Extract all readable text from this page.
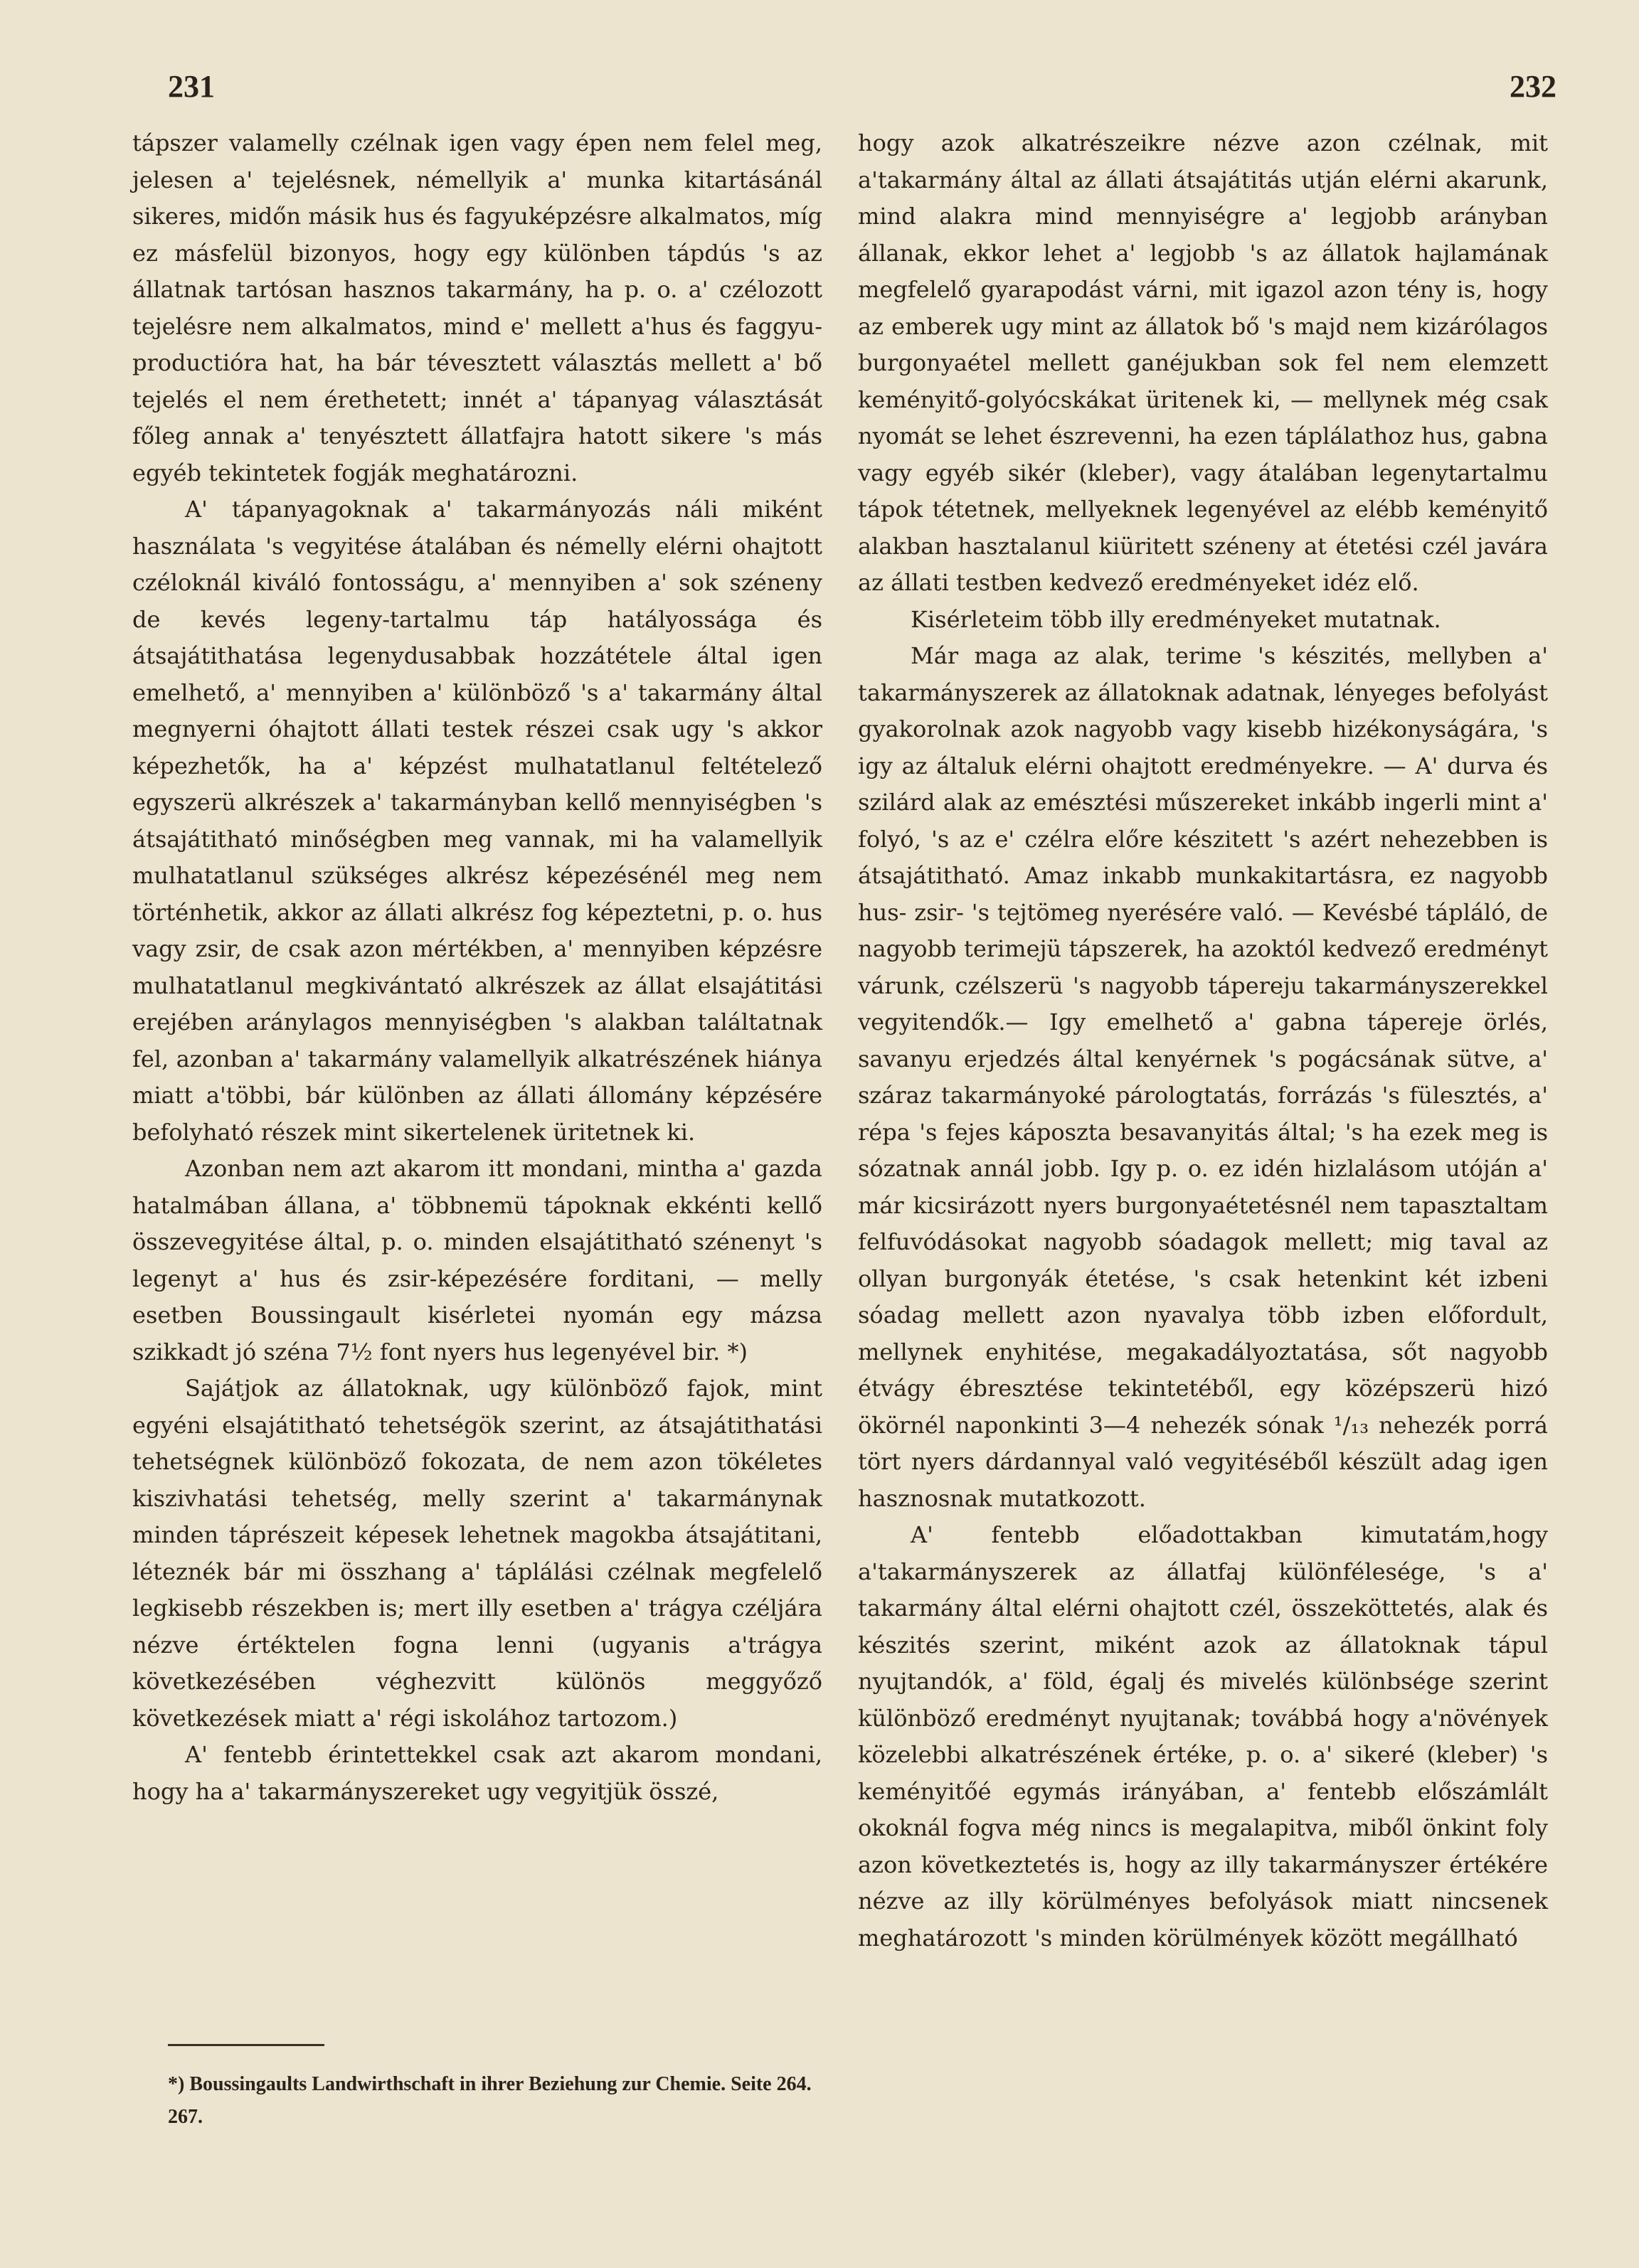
231	232

tápszer valamelly czélnak igen vagy épen nem felel meg, jelesen a' tejelésnek, némellyik a' munka kitartásánál sikeres, midőn másik hus és fagyuképzésre alkalmatos, míg ez másfelül bizonyos, hogy egy különben tápdús 's az állatnak tartósan hasznos takarmány, ha p. o. a' czélozott tejelésre nem alkalmatos, mind e' mellett a'hus és faggyu-productióra hat, ha bár tévesztett választás mellett a' bő tejelés el nem érethetett; innét a' tápanyag választását főleg annak a' tenyésztett állatfajra hatott sikere 's más egyéb tekintetek fogják meghatározni.

A' tápanyagoknak a' takarmányozás náli miként használata 's vegyitése átalában és némelly elérni ohajtott czéloknál kiváló fontosságu, a' mennyiben a' sok széneny de kevés legeny-tartalmu táp hatályossága és átsajátithatása legenydusabbak hozzátétele által igen emelhető, a' mennyiben a' különböző 's a' takarmány által megnyerni óhajtott állati testek részei csak ugy 's akkor képezhetők, ha a' képzést mulhatatlanul feltételező egyszerü alkrészek a' takarmányban kellő mennyiségben 's átsajátitható minőségben meg vannak, mi ha valamellyik mulhatatlanul szükséges alkrész képezésénél meg nem történhetik, akkor az állati alkrész fog képeztetni, p. o. hus vagy zsir, de csak azon mértékben, a' mennyiben képzésre mulhatatlanul megkivántató alkrészek az állat elsajátitási erejében aránylagos mennyiségben 's alakban találtatnak fel, azonban a' takarmány valamellyik alkatrészének hiánya miatt a'többi, bár különben az állati állomány képzésére befolyható részek mint sikertelenek üritetnek ki.

Azonban nem azt akarom itt mondani, mintha a' gazda hatalmában állana, a' többnemü tápoknak ekkénti kellő összevegyitése által, p. o. minden elsajátitható szénenyt 's legenyt a' hus és zsir-képezésére forditani, — melly esetben Boussingault kisérletei nyomán egy mázsa szikkadt jó széna 7½ font nyers hus legenyével bir. *)

Sajátjok az állatoknak, ugy különböző fajok, mint egyéni elsajátitható tehetségök szerint, az átsajátithatási tehetségnek különböző fokozata, de nem azon tökéletes kiszivhatási tehetség, melly szerint a' takarmánynak minden táprészeit képesek lehetnek magokba átsajátitani, léteznék bár mi összhang a' táplálási czélnak megfelelő legkisebb részekben is; mert illy esetben a' trágya czéljára nézve értéktelen fogna lenni (ugyanis a'trágya következésében véghezvitt különös meggyőző következések miatt a' régi iskolához tartozom.)

A' fentebb érintettekkel csak azt akarom mondani, hogy ha a' takarmányszereket ugy vegyitjük összé,

hogy azok alkatrészeikre nézve azon czélnak, mit a'takarmány által az állati átsajátitás utján elérni akarunk, mind alakra mind mennyiségre a' legjobb arányban állanak, ekkor lehet a' legjobb 's az állatok hajlamának megfelelő gyarapodást várni, mit igazol azon tény is, hogy az emberek ugy mint az állatok bő 's majd nem kizárólagos burgonyaétel mellett ganéjukban sok fel nem elemzett keményitő-golyócskákat üritenek ki, — mellynek még csak nyomát se lehet észrevenni, ha ezen táplálathoz hus, gabna vagy egyéb sikér (kleber), vagy átalában legenytartalmu tápok tétetnek, mellyeknek legenyével az elébb keményitő alakban hasztalanul kiüritett széneny at étetési czél javára az állati testben kedvező eredményeket idéz elő.

Kisérleteim több illy eredményeket mutatnak.

Már maga az alak, terime 's készités, mellyben a' takarmányszerek az állatoknak adatnak, lényeges befolyást gyakorolnak azok nagyobb vagy kisebb hizékonyságára, 's igy az általuk elérni ohajtott eredményekre. — A' durva és szilárd alak az emésztési műszereket inkább ingerli mint a' folyó, 's az e' czélra előre készitett 's azért nehezebben is átsajátitható. Amaz inkabb munkakitartásra, ez nagyobb hus- zsir- 's tejtömeg nyerésére való. — Kevésbé tápláló, de nagyobb terimejü tápszerek, ha azoktól kedvező eredményt várunk, czélszerü 's nagyobb tápereju takarmányszerekkel vegyitendők.— Igy emelhető a' gabna tápereje örlés, savanyu erjedzés által kenyérnek 's pogácsának sütve, a' száraz takarmányoké párologtatás, forrázás 's fülesztés, a' répa 's fejes káposzta besavanyitás által; 's ha ezek meg is sózatnak annál jobb. Igy p. o. ez idén hizlalásom utóján a' már kicsirázott nyers burgonyaétetésnél nem tapasztaltam felfuvódásokat nagyobb sóadagok mellett; mig taval az ollyan burgonyák étetése, 's csak hetenkint két izbeni sóadag mellett azon nyavalya több izben előfordult, mellynek enyhitése, megakadályoztatása, sőt nagyobb étvágy ébresztése tekintetéből, egy középszerü hizó ökörnél naponkinti 3—4 nehezék sónak ¹/₁₃ nehezék porrá tört nyers dárdannyal való vegyitéséből készült adag igen hasznosnak mutatkozott.

A' fentebb előadottakban kimutatám,hogy a'takarmányszerek az állatfaj különfélesége, 's a' takarmány által elérni ohajtott czél, összeköttetés, alak és készités szerint, miként azok az állatoknak tápul nyujtandók, a' föld, égalj és mivelés különbsége szerint különböző eredményt nyujtanak; továbbá hogy a'növények közelebbi alkatrészének értéke, p. o. a' sikeré (kleber) 's keményitőé egymás irányában, a' fentebb előszámlált okoknál fogva még nincs is megalapitva, miből önkint foly azon következtetés is, hogy az illy takarmányszer értékére nézve az illy körülményes befolyások miatt nincsenek meghatározott 's minden körülmények között megállható

*) Boussingaults Landwirthschaft in ihrer Beziehung zur Chemie. Seite 264. 267.
